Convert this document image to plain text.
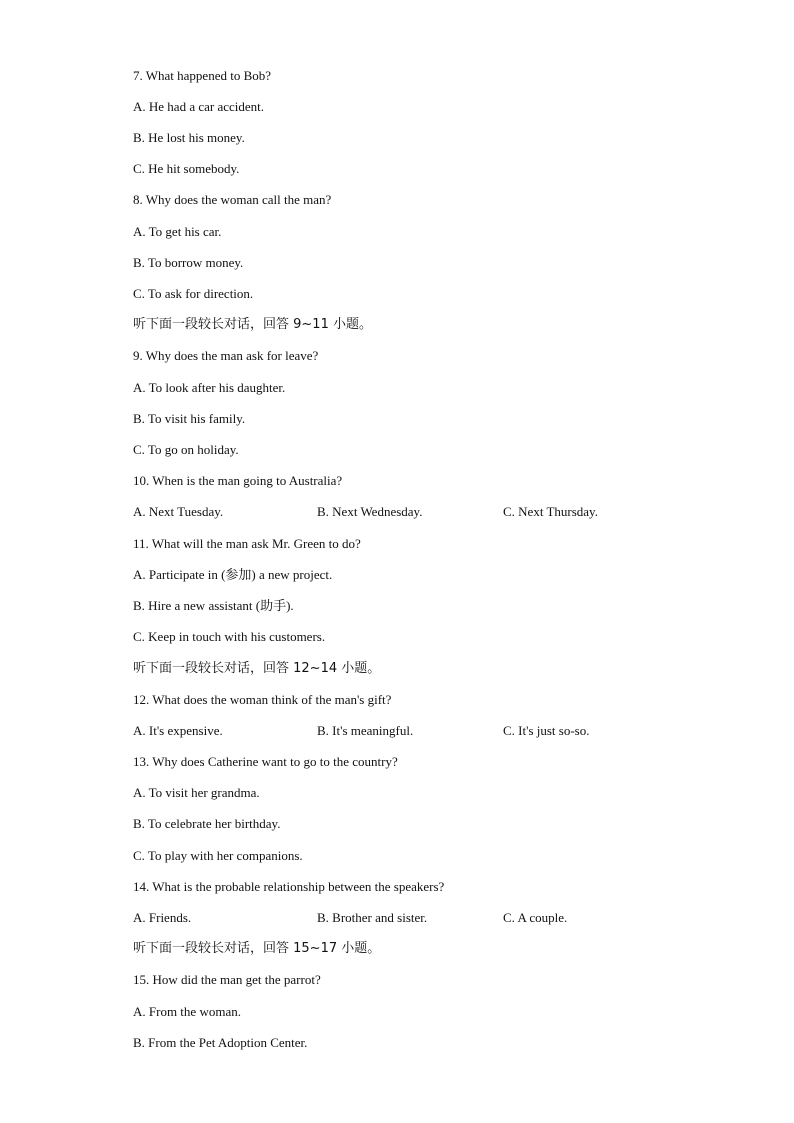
7. What happened to Bob?
A. He had a car accident.
B. He lost his money.
C. He hit somebody.
8. Why does the woman call the man?
A. To get his car.
B. To borrow money.
C. To ask for direction.
听下面一段较长对话，回答 9~11 小题。
9. Why does the man ask for leave?
A. To look after his daughter.
B. To visit his family.
C. To go on holiday.
10. When is the man going to Australia?
A. Next Tuesday.	B. Next Wednesday.	C. Next Thursday.
11. What will the man ask Mr. Green to do?
A. Participate in (参加) a new project.
B. Hire a new assistant (助手).
C. Keep in touch with his customers.
听下面一段较长对话，回答 12~14 小题。
12. What does the woman think of the man's gift?
A. It's expensive.	B. It's meaningful.	C. It's just so-so.
13. Why does Catherine want to go to the country?
A. To visit her grandma.
B. To celebrate her birthday.
C. To play with her companions.
14. What is the probable relationship between the speakers?
A. Friends.	B. Brother and sister.	C. A couple.
听下面一段较长对话，回答 15~17 小题。
15. How did the man get the parrot?
A. From the woman.
B. From the Pet Adoption Center.
